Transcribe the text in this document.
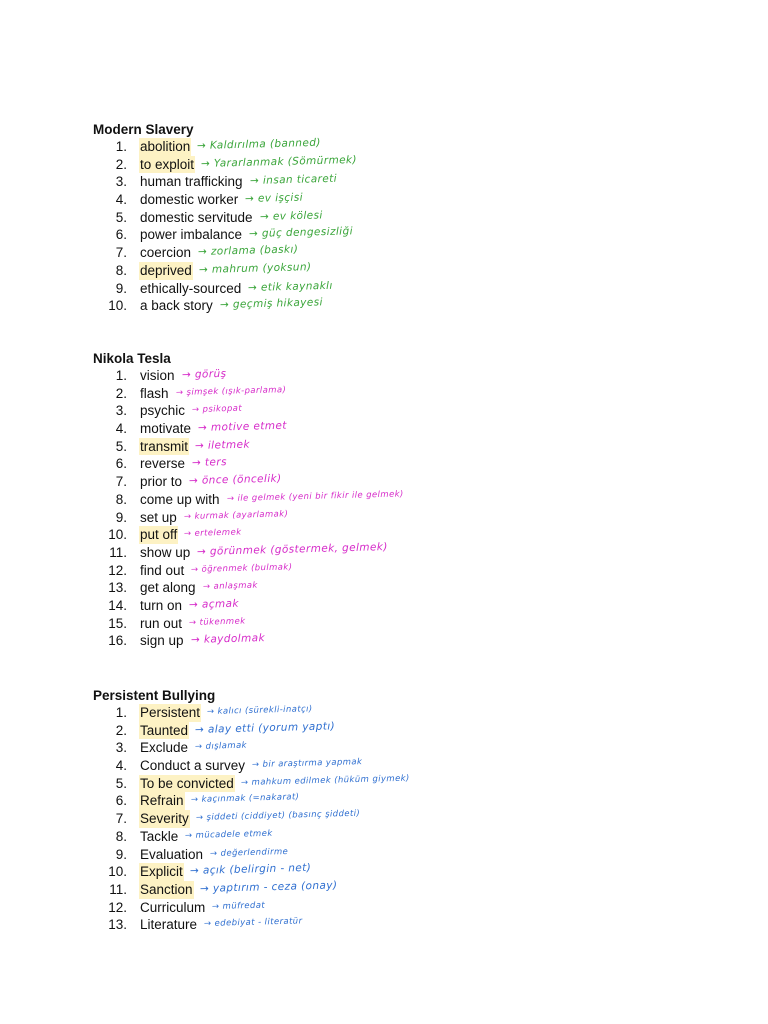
Modern Slavery
1. abolition → Kaldırılma (banned)
2. to exploit → Yararlanmak (Sömürmek)
3. human trafficking → insan ticareti
4. domestic worker → ev işçisi
5. domestic servitude → ev kölesi
6. power imbalance → güç dengesizliği
7. coercion → zorlama (baskı)
8. deprived → mahrum (yoksun)
9. ethically-sourced → etik kaynaklı
10. a back story → geçmiş hikayesi
Nikola Tesla
1. vision → görüş
2. flash → şimşek (ışık-parlama)
3. psychic → psikopat
4. motivate → motive etmet
5. transmit → iletmek
6. reverse → ters
7. prior to → önce (öncelik)
8. come up with → ile gelmek (yeni bir fikir ile gelmek)
9. set up → kurmak (ayarlamak)
10. put off → ertelemek
11. show up → görünmek (göstermek, gelmek)
12. find out → öğrenmek (bulmak)
13. get along → anlaşmak
14. turn on → açmak
15. run out → tükenmek
16. sign up → kaydolmak
Persistent Bullying
1. Persistent → kalıcı (sürekli-inatçı)
2. Taunted → alay etti (yorum yaptı)
3. Exclude → dışlamak
4. Conduct a survey → bir araştırma yapmak
5. To be convicted → mahkum edilmek (hüküm giymek)
6. Refrain → kaçınmak (=nakarat)
7. Severity → şiddeti (ciddiyet) (basınç şiddeti)
8. Tackle → mücadele etmek
9. Evaluation → değerlendirme
10. Explicit → açık (belirgin - net)
11. Sanction → yaptırım - ceza (onay)
12. Curriculum → müfredat
13. Literature → edebiyat - literatür
